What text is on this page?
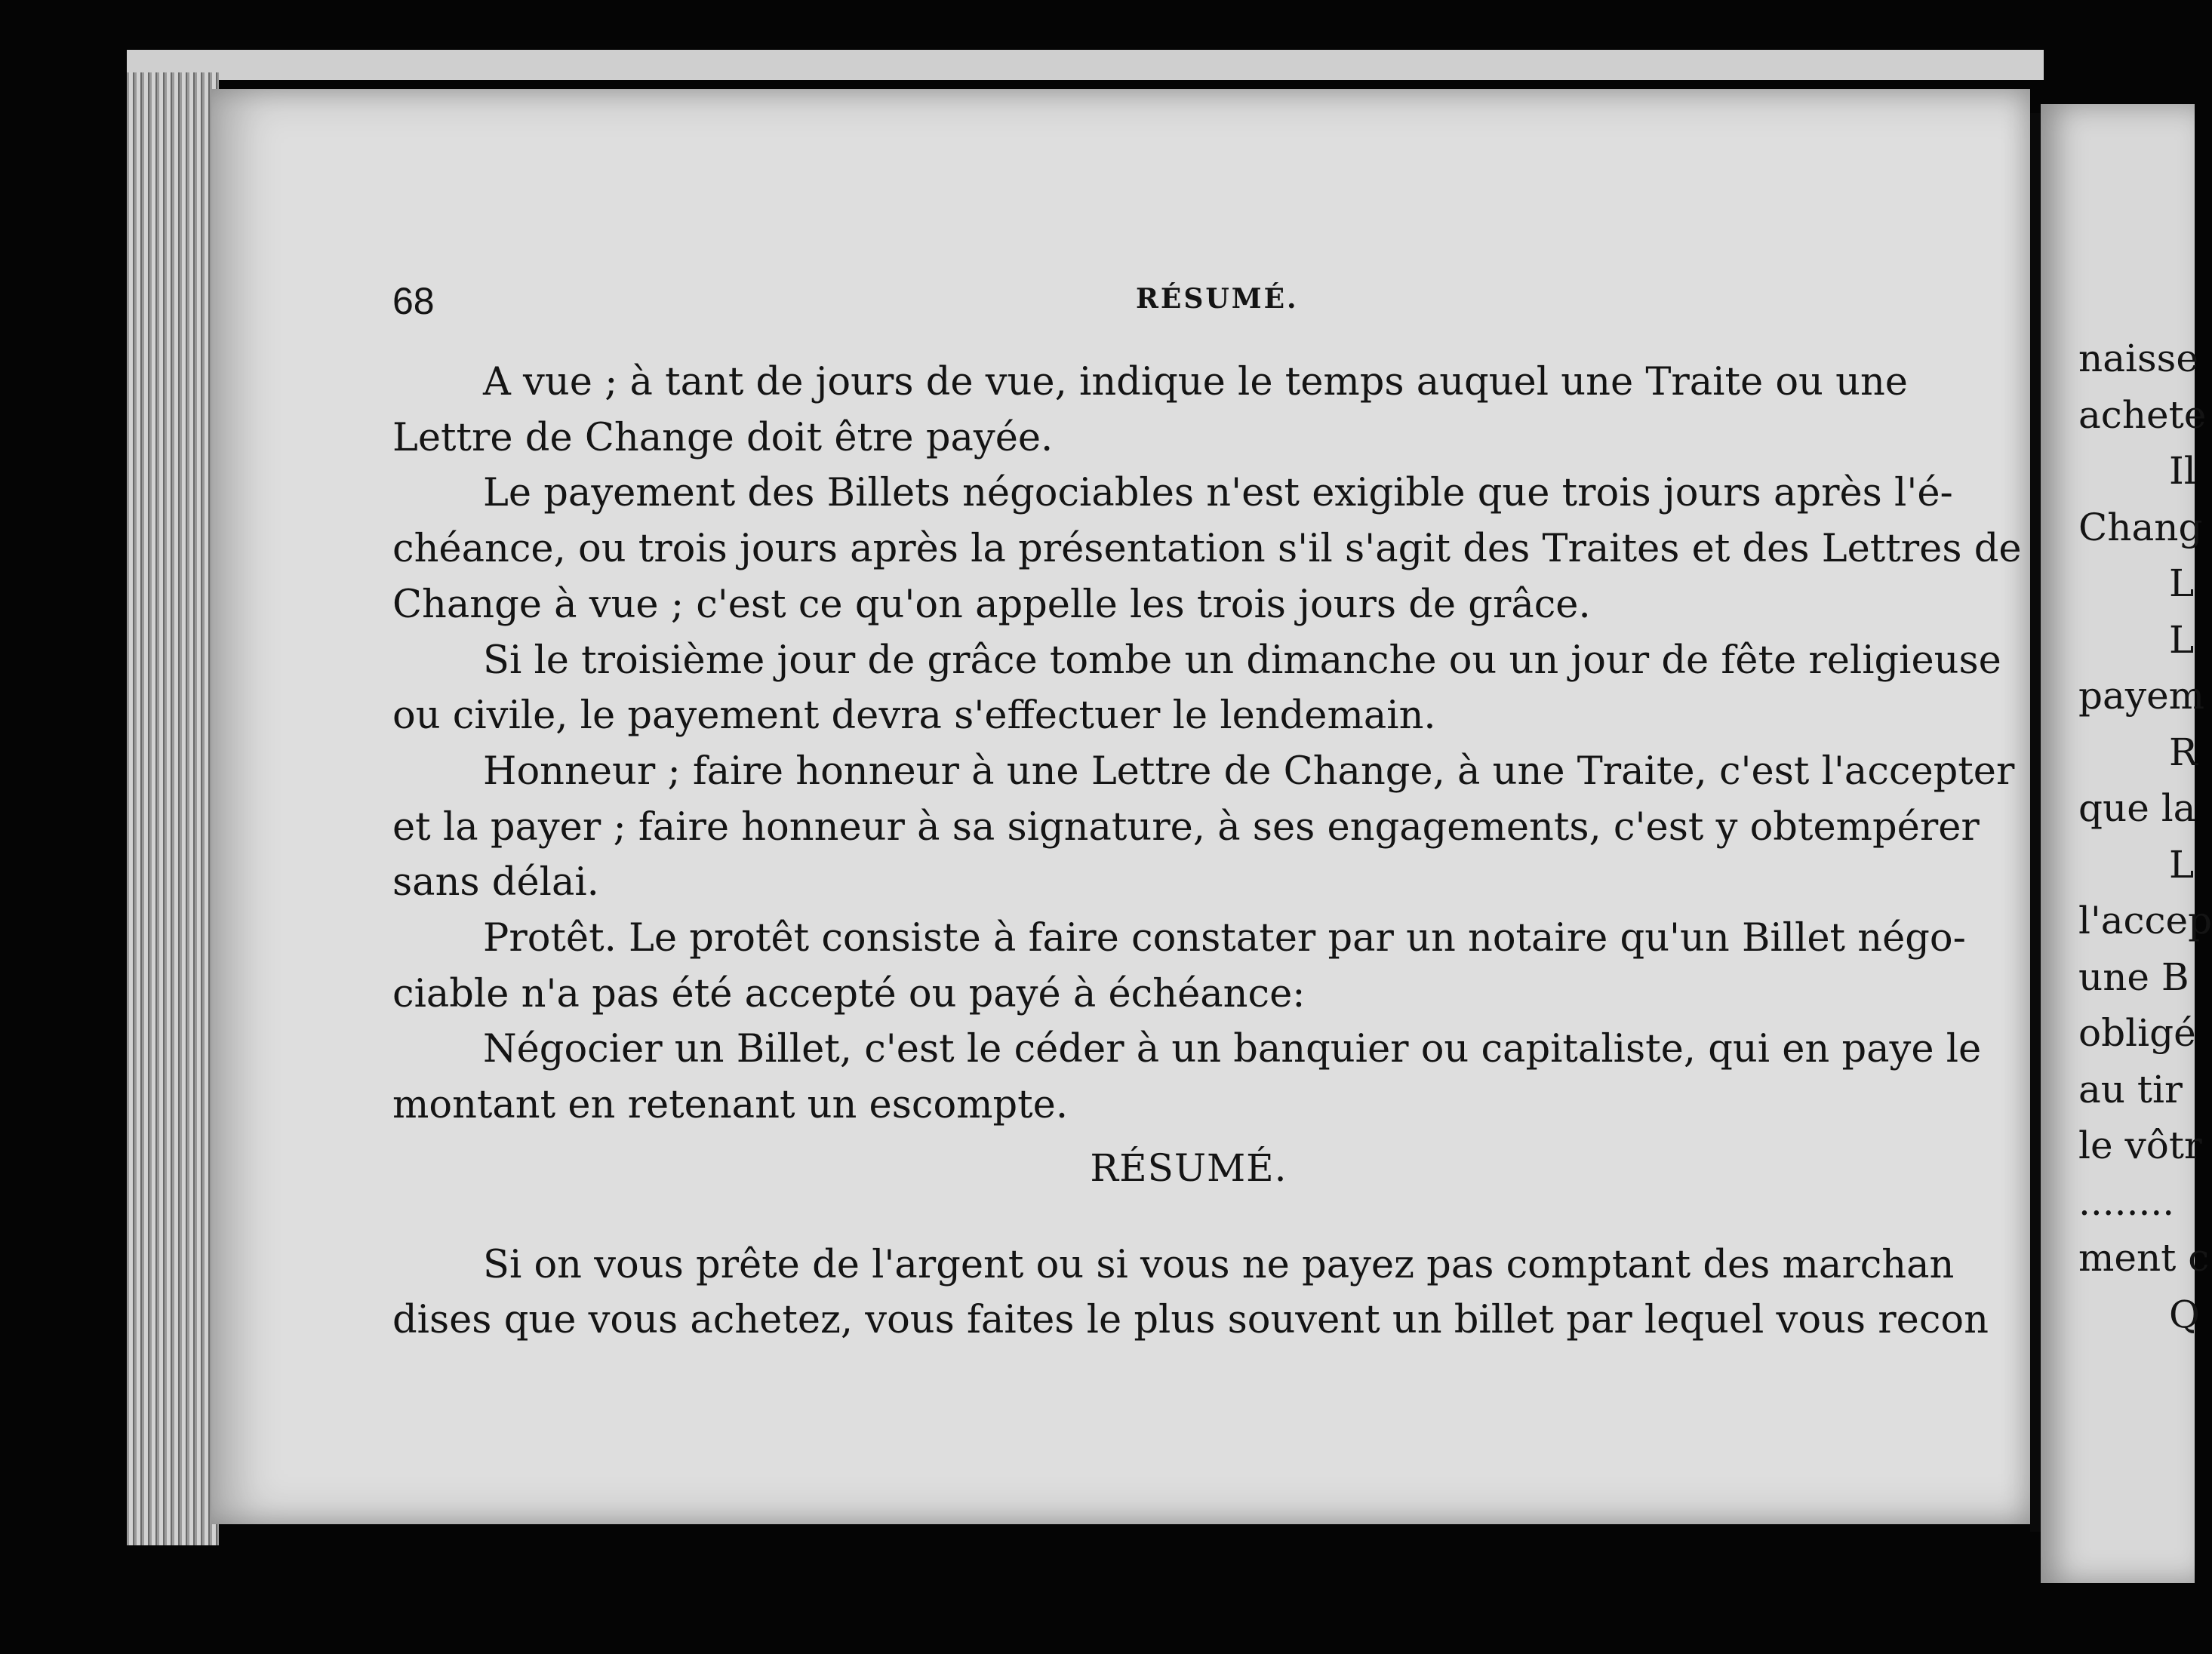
68	RÉSUMÉ.
A vue ; à tant de jours de vue, indique le temps auquel une Traite ou une
Lettre de Change doit être payée.
Le payement des Billets négociables n'est exigible que trois jours après l'é-
chéance, ou trois jours après la présentation s'il s'agit des Traites et des Lettres de
Change à vue ; c'est ce qu'on appelle les trois jours de grâce.
Si le troisième jour de grâce tombe un dimanche ou un jour de fête religieuse
ou civile, le payement devra s'effectuer le lendemain.
Honneur ; faire honneur à une Lettre de Change, à une Traite, c'est l'accepter
et la payer ; faire honneur à sa signature, à ses engagements, c'est y obtempérer
sans délai.
Protêt. Le protêt consiste à faire constater par un notaire qu'un Billet négo-
ciable n'a pas été accepté ou payé à échéance:
Négocier un Billet, c'est le céder à un banquier ou capitaliste, qui en paye le
montant en retenant un escompte.
RÉSUMÉ.
Si on vous prête de l'argent ou si vous ne payez pas comptant des marchan
dises que vous achetez, vous faites le plus souvent un billet par lequel vous recon
naisse
achete
Il
Chang
L
L
payem
R
que la
L
l'accep
une B
obligé
au tir
le vôtr
........
ment c
Q
